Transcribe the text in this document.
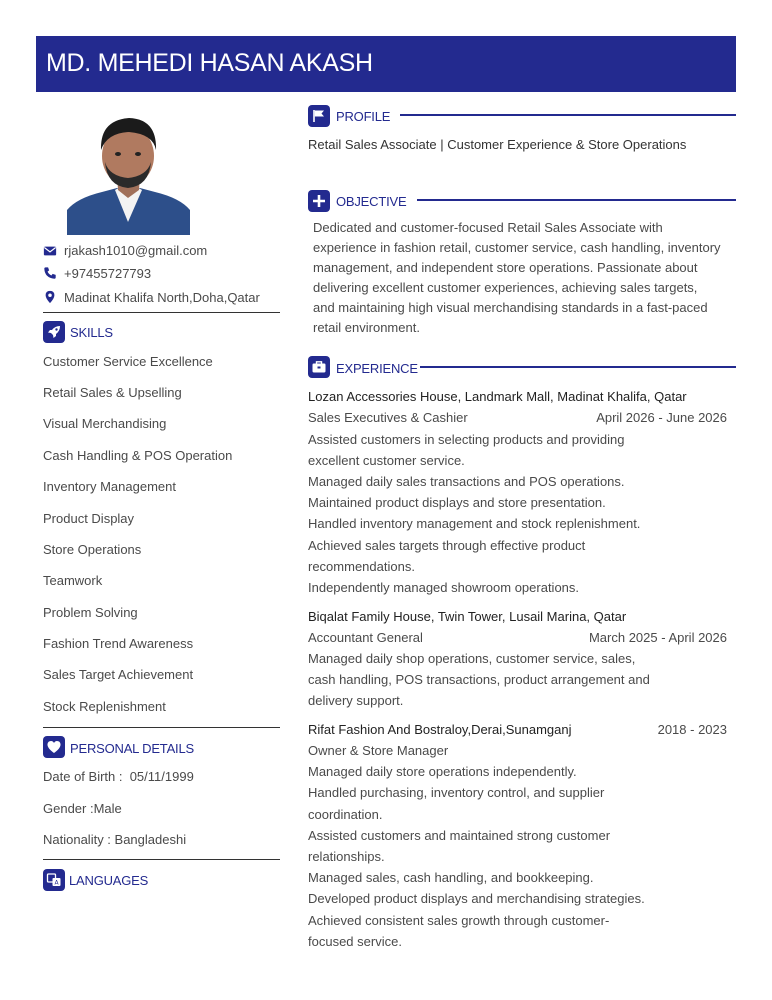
MD. MEHEDI HASAN AKASH
rjakash1010@gmail.com
+97455727793
Madinat Khalifa North,Doha,Qatar
SKILLS
Customer Service Excellence
Retail Sales & Upselling
Visual Merchandising
Cash Handling & POS Operation
Inventory Management
Product Display
Store Operations
Teamwork
Problem Solving
Fashion Trend Awareness
Sales Target Achievement
Stock Replenishment
PERSONAL DETAILS
Date of Birth :  05/11/1999
Gender :Male
Nationality : Bangladeshi
A LANGUAGES
PROFILE
Retail Sales Associate | Customer Experience & Store Operations
OBJECTIVE
Dedicated and customer-focused Retail Sales Associate with
experience in fashion retail, customer service, cash handling, inventory
management, and independent store operations. Passionate about
delivering excellent customer experiences, achieving sales targets,
and maintaining high visual merchandising standards in a fast-paced
retail environment.
EXPERIENCE
Lozan Accessories House, Landmark Mall, Madinat Khalifa, Qatar
Sales Executives & Cashier	April 2026 - June 2026
Assisted customers in selecting products and providing
excellent customer service.
Managed daily sales transactions and POS operations.
Maintained product displays and store presentation.
Handled inventory management and stock replenishment.
Achieved sales targets through effective product
recommendations.
Independently managed showroom operations.
Biqalat Family House, Twin Tower, Lusail Marina, Qatar
Accountant General	March 2025 - April 2026
Managed daily shop operations, customer service, sales,
cash handling, POS transactions, product arrangement and
delivery support.
Rifat Fashion And Bostraloy,Derai,Sunamganj	2018 - 2023
Owner & Store Manager
Managed daily store operations independently.
Handled purchasing, inventory control, and supplier
coordination.
Assisted customers and maintained strong customer
relationships.
Managed sales, cash handling, and bookkeeping.
Developed product displays and merchandising strategies.
Achieved consistent sales growth through customer-
focused service.
